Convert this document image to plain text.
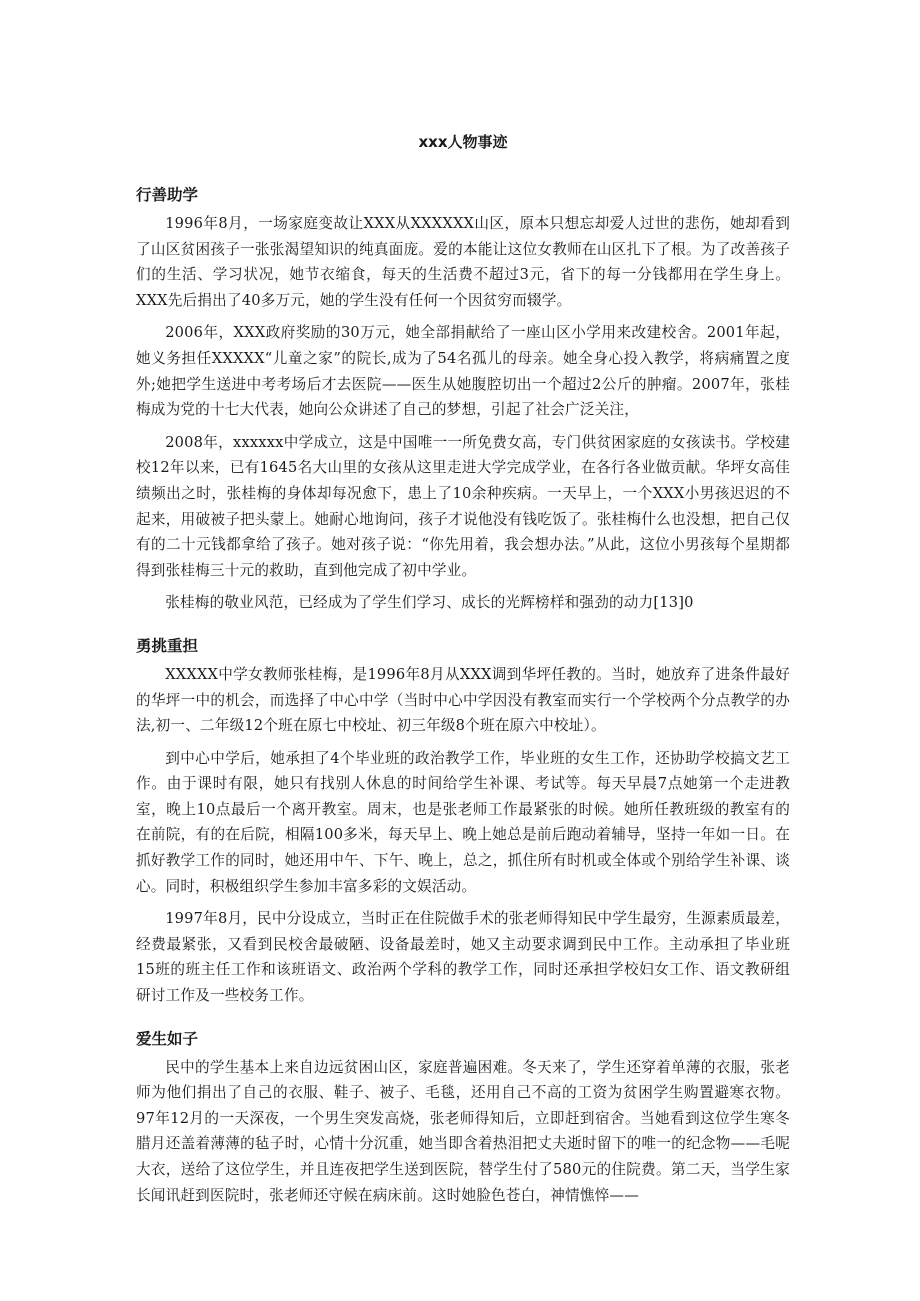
xxx人物事迹
行善助学

1996年8月，一场家庭变故让XXX从XXXXXX山区，原本只想忘却爱人过世的悲伤，她却看到了山区贫困孩子一张张渴望知识的纯真面庞。爱的本能让这位女教师在山区扎下了根。为了改善孩子们的生活、学习状况，她节衣缩食，每天的生活费不超过3元，省下的每一分钱都用在学生身上。XXX先后捐出了40多万元，她的学生没有任何一个因贫穷而辍学。

2006年，XXX政府奖励的30万元，她全部捐献给了一座山区小学用来改建校舍。2001年起，她义务担任XXXXX“儿童之家”的院长,成为了54名孤儿的母亲。她全身心投入教学，将病痛置之度外;她把学生送进中考考场后才去医院——医生从她腹腔切出一个超过2公斤的肿瘤。2007年，张桂梅成为党的十七大代表，她向公众讲述了自己的梦想，引起了社会广泛关注，

2008年，xxxxxx中学成立，这是中国唯一一所免费女高，专门供贫困家庭的女孩读书。学校建校12年以来，已有1645名大山里的女孩从这里走进大学完成学业，在各行各业做贡献。华坪女高佳绩频出之时，张桂梅的身体却每况愈下，患上了10余种疾病。一天早上，一个XXX小男孩迟迟的不起来，用破被子把头蒙上。她耐心地询问，孩子才说他没有钱吃饭了。张桂梅什么也没想，把自己仅有的二十元钱都拿给了孩子。她对孩子说：“你先用着，我会想办法。”从此，这位小男孩每个星期都得到张桂梅三十元的救助，直到他完成了初中学业。

张桂梅的敬业风范，已经成为了学生们学习、成长的光辉榜样和强劲的动力[13]0

勇挑重担

XXXXX中学女教师张桂梅，是1996年8月从XXX调到华坪任教的。当时，她放弃了进条件最好的华坪一中的机会，而选择了中心中学（当时中心中学因没有教室而实行一个学校两个分点教学的办法,初一、二年级12个班在原七中校址、初三年级8个班在原六中校址）。

到中心中学后，她承担了4个毕业班的政治教学工作，毕业班的女生工作，还协助学校搞文艺工作。由于课时有限，她只有找别人休息的时间给学生补课、考试等。每天早晨7点她第一个走进教室，晚上10点最后一个离开教室。周末，也是张老师工作最紧张的时候。她所任教班级的教室有的在前院，有的在后院，相隔100多米，每天早上、晚上她总是前后跑动着辅导，坚持一年如一日。在抓好教学工作的同时，她还用中午、下午、晚上，总之，抓住所有时机或全体或个别给学生补课、谈心。同时，积极组织学生参加丰富多彩的文娱活动。

1997年8月，民中分设成立，当时正在住院做手术的张老师得知民中学生最穷，生源素质最差，经费最紧张，又看到民校舍最破陋、设备最差时，她又主动要求调到民中工作。主动承担了毕业班15班的班主任工作和该班语文、政治两个学科的教学工作，同时还承担学校妇女工作、语文教研组研讨工作及一些校务工作。

爱生如子

民中的学生基本上来自边远贫困山区，家庭普遍困难。冬天来了，学生还穿着单薄的衣服，张老师为他们捐出了自己的衣服、鞋子、被子、毛毯，还用自己不高的工资为贫困学生购置避寒衣物。97年12月的一天深夜，一个男生突发高烧，张老师得知后，立即赶到宿舍。当她看到这位学生寒冬腊月还盖着薄薄的毡子时，心情十分沉重，她当即含着热泪把丈夫逝时留下的唯一的纪念物——毛呢大衣，送给了这位学生，并且连夜把学生送到医院，替学生付了580元的住院费。第二天，当学生家长闻讯赶到医院时，张老师还守候在病床前。这时她脸色苍白，神情憔悴——
